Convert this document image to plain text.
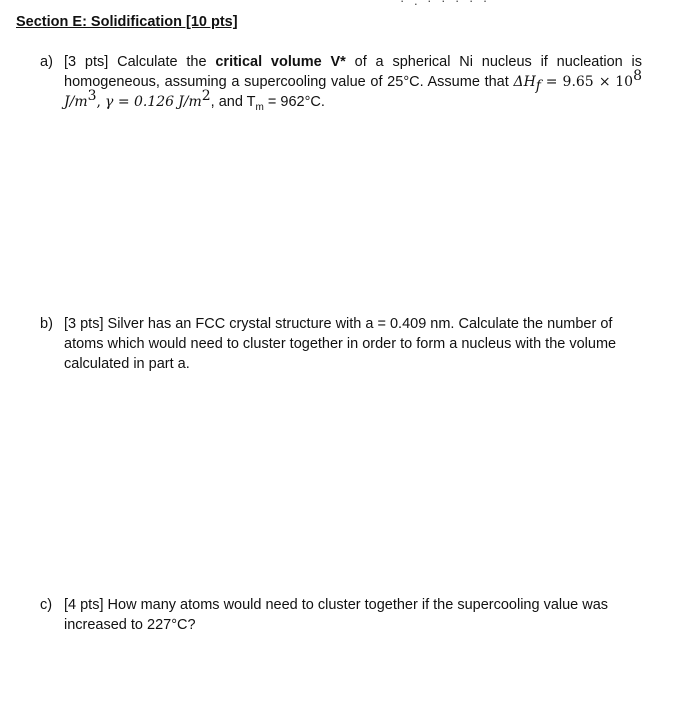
· . · · · · ·
Section E: Solidification [10 pts]
a) [3 pts] Calculate the critical volume V* of a spherical Ni nucleus if nucleation is homogeneous, assuming a supercooling value of 25°C. Assume that $\Delta H_f = 9.65 \times 10^8$ $J/m^3$, γ = 0.126 $J/m^2$, and $T_m = 962^\circ C$.
b) [3 pts] Silver has an FCC crystal structure with a = 0.409 nm. Calculate the number of atoms which would need to cluster together in order to form a nucleus with the volume calculated in part a.
c) [4 pts] How many atoms would need to cluster together if the supercooling value was increased to 227°C?
